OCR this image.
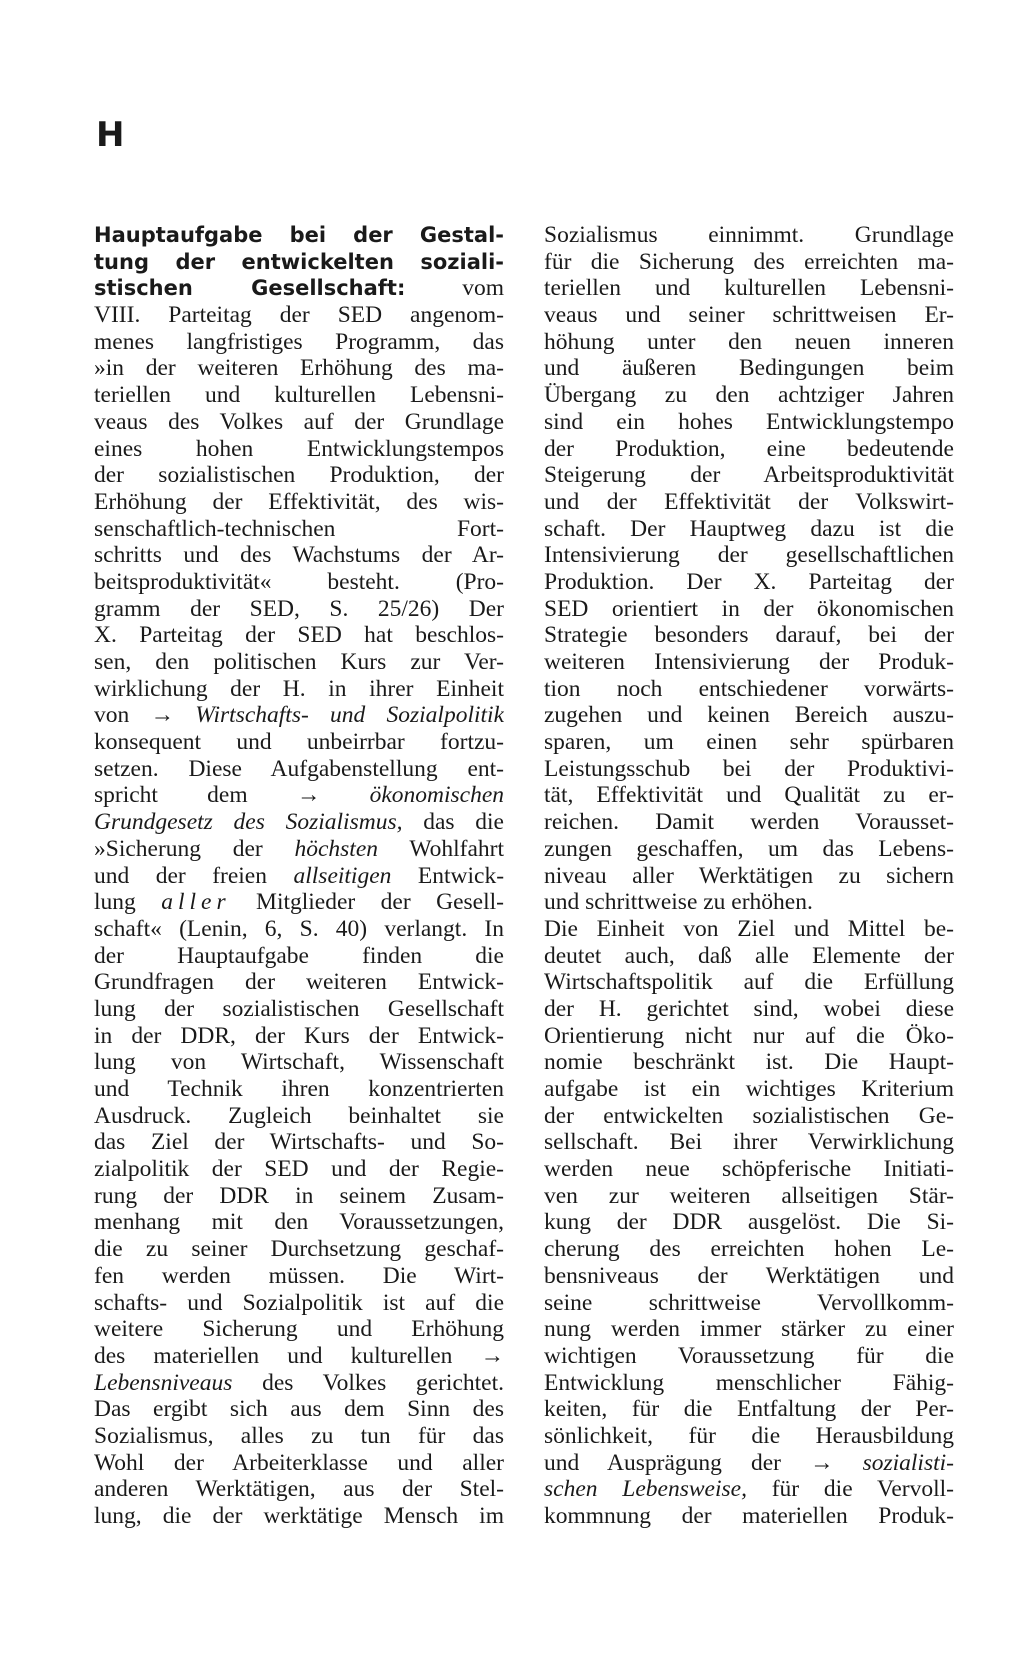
H
Hauptaufgabe bei der Gestal-
tung der entwickelten soziali-
stischen Gesellschaft: vom
VIII. Parteitag der SED angenom-
menes langfristiges Programm, das
»in der weiteren Erhöhung des ma-
teriellen und kulturellen Lebensni-
veaus des Volkes auf der Grundlage
eines hohen Entwicklungstempos
der sozialistischen Produktion, der
Erhöhung der Effektivität, des wis-
senschaftlich-technischen Fort-
schritts und des Wachstums der Ar-
beitsproduktivität« besteht. (Pro-
gramm der SED, S. 25/26) Der
X. Parteitag der SED hat beschlos-
sen, den politischen Kurs zur Ver-
wirklichung der H. in ihrer Einheit
von → Wirtschafts- und Sozialpolitik
konsequent und unbeirrbar fortzu-
setzen. Diese Aufgabenstellung ent-
spricht dem → ökonomischen
Grundgesetz des Sozialismus, das die
»Sicherung der höchsten Wohlfahrt
und der freien allseitigen Entwick-
lung aller Mitglieder der Gesell-
schaft« (Lenin, 6, S. 40) verlangt. In
der Hauptaufgabe finden die
Grundfragen der weiteren Entwick-
lung der sozialistischen Gesellschaft
in der DDR, der Kurs der Entwick-
lung von Wirtschaft, Wissenschaft
und Technik ihren konzentrierten
Ausdruck. Zugleich beinhaltet sie
das Ziel der Wirtschafts- und So-
zialpolitik der SED und der Regie-
rung der DDR in seinem Zusam-
menhang mit den Voraussetzungen,
die zu seiner Durchsetzung geschaf-
fen werden müssen. Die Wirt-
schafts- und Sozialpolitik ist auf die
weitere Sicherung und Erhöhung
des materiellen und kulturellen →
Lebensniveaus des Volkes gerichtet.
Das ergibt sich aus dem Sinn des
Sozialismus, alles zu tun für das
Wohl der Arbeiterklasse und aller
anderen Werktätigen, aus der Stel-
lung, die der werktätige Mensch im
Sozialismus einnimmt. Grundlage
für die Sicherung des erreichten ma-
teriellen und kulturellen Lebensni-
veaus und seiner schrittweisen Er-
höhung unter den neuen inneren
und äußeren Bedingungen beim
Übergang zu den achtziger Jahren
sind ein hohes Entwicklungstempo
der Produktion, eine bedeutende
Steigerung der Arbeitsproduktivität
und der Effektivität der Volkswirt-
schaft. Der Hauptweg dazu ist die
Intensivierung der gesellschaftlichen
Produktion. Der X. Parteitag der
SED orientiert in der ökonomischen
Strategie besonders darauf, bei der
weiteren Intensivierung der Produk-
tion noch entschiedener vorwärts-
zugehen und keinen Bereich auszu-
sparen, um einen sehr spürbaren
Leistungsschub bei der Produktivi-
tät, Effektivität und Qualität zu er-
reichen. Damit werden Vorausset-
zungen geschaffen, um das Lebens-
niveau aller Werktätigen zu sichern
und schrittweise zu erhöhen.
Die Einheit von Ziel und Mittel be-
deutet auch, daß alle Elemente der
Wirtschaftspolitik auf die Erfüllung
der H. gerichtet sind, wobei diese
Orientierung nicht nur auf die Öko-
nomie beschränkt ist. Die Haupt-
aufgabe ist ein wichtiges Kriterium
der entwickelten sozialistischen Ge-
sellschaft. Bei ihrer Verwirklichung
werden neue schöpferische Initiati-
ven zur weiteren allseitigen Stär-
kung der DDR ausgelöst. Die Si-
cherung des erreichten hohen Le-
bensniveaus der Werktätigen und
seine schrittweise Vervollkomm-
nung werden immer stärker zu einer
wichtigen Voraussetzung für die
Entwicklung menschlicher Fähig-
keiten, für die Entfaltung der Per-
sönlichkeit, für die Herausbildung
und Ausprägung der → sozialisti-
schen Lebensweise, für die Vervoll-
kommnung der materiellen Produk-
